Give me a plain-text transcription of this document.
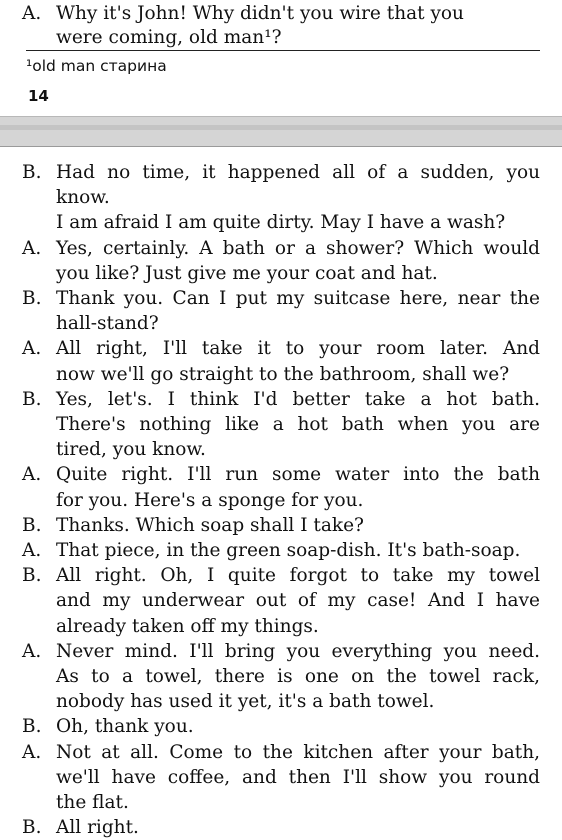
A. Why it's John! Why didn't you wire that you
were coming, old man¹?
¹old man старина
14
B. Had no time, it happened all of a sudden, you know.
I am afraid I am quite dirty. May I have a wash?
A. Yes, certainly. A bath or a shower? Which would
you like? Just give me your coat and hat.
B. Thank you. Can I put my suitcase here, near the
hall-stand?
A. All right, I'll take it to your room later. And
now we'll go straight to the bathroom, shall we?
B. Yes, let's. I think I'd better take a hot bath.
There's nothing like a hot bath when you are
tired, you know.
A. Quite right. I'll run some water into the bath
for you. Here's a sponge for you.
B. Thanks. Which soap shall I take?
A. That piece, in the green soap-dish. It's bath-soap.
B. All right. Oh, I quite forgot to take my towel
and my underwear out of my case! And I have
already taken off my things.
A. Never mind. I'll bring you everything you need.
As to a towel, there is one on the towel rack,
nobody has used it yet, it's a bath towel.
B. Oh, thank you.
A. Not at all. Come to the kitchen after your bath,
we'll have coffee, and then I'll show you round
the flat.
B. All right.
